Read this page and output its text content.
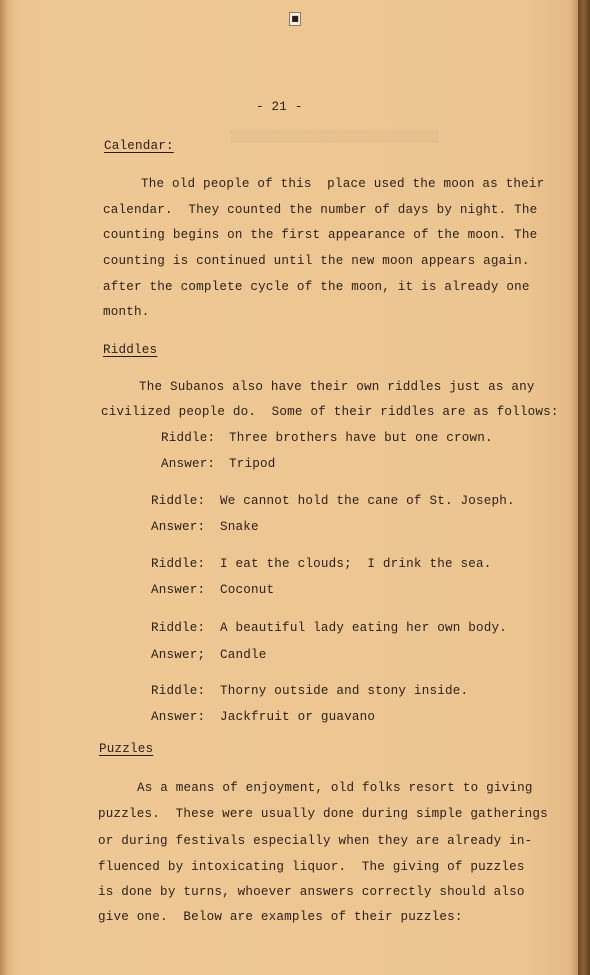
■
▒▒▒▒▒▒▒▒▒▒▒▒▒▒▒▒▒▒▒▒▒▒▒▒▒▒▒▒▒
- 21 -
Calendar:
The old people of this  place used the moon as their
calendar.  They counted the number of days by night. The
counting begins on the first appearance of the moon. The
counting is continued until the new moon appears again.
after the complete cycle of the moon, it is already one
month.
Riddles
The Subanos also have their own riddles just as any
civilized people do.  Some of their riddles are as follows:
Riddle: Three brothers have but one crown.
Answer: Tripod
Riddle: We cannot hold the cane of St. Joseph.
Answer: Snake
Riddle: I eat the clouds;  I drink the sea.
Answer: Coconut
Riddle: A beautiful lady eating her own body.
Answer; Candle
Riddle: Thorny outside and stony inside.
Answer: Jackfruit or guavano
Puzzles
As a means of enjoyment, old folks resort to giving
puzzles.  These were usually done during simple gatherings
or during festivals especially when they are already in-
fluenced by intoxicating liquor.  The giving of puzzles
is done by turns, whoever answers correctly should also
give one.  Below are examples of their puzzles:
